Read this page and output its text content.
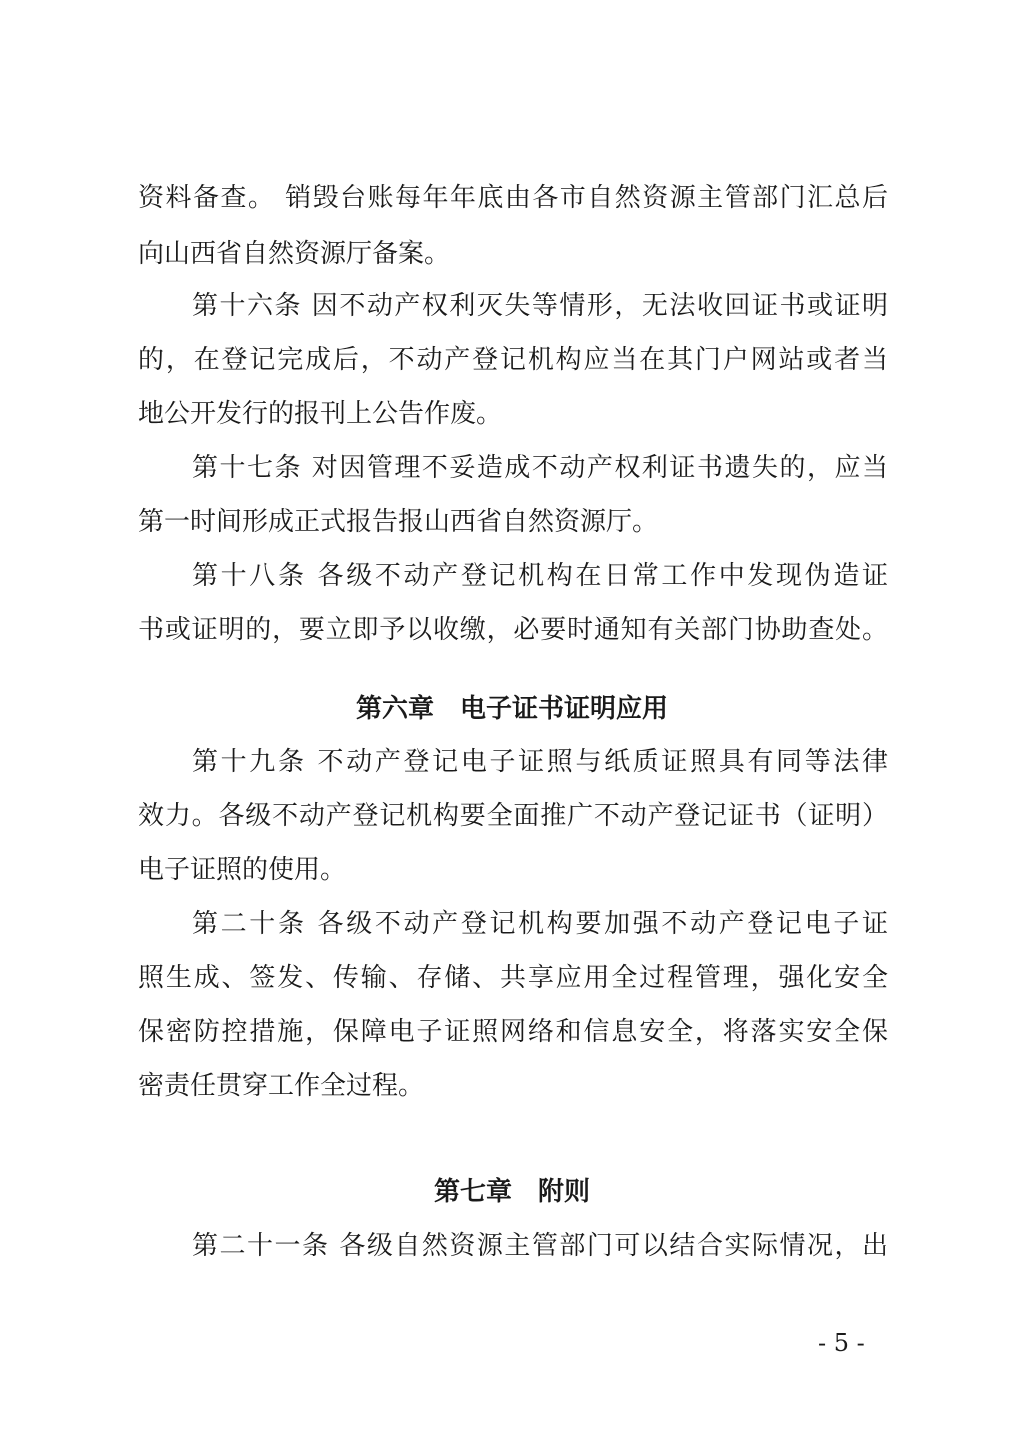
资料备查。 销毁台账每年年底由各市自然资源主管部门汇总后
向山西省自然资源厅备案。
第十六条 因不动产权利灭失等情形，无法收回证书或证明
的，在登记完成后，不动产登记机构应当在其门户网站或者当
地公开发行的报刊上公告作废。
第十七条 对因管理不妥造成不动产权利证书遗失的，应当
第一时间形成正式报告报山西省自然资源厅。
第十八条 各级不动产登记机构在日常工作中发现伪造证
书或证明的，要立即予以收缴，必要时通知有关部门协助查处。
第六章　电子证书证明应用
第十九条 不动产登记电子证照与纸质证照具有同等法律
效力。各级不动产登记机构要全面推广不动产登记证书（证明）
电子证照的使用。
第二十条 各级不动产登记机构要加强不动产登记电子证
照生成、签发、传输、存储、共享应用全过程管理，强化安全
保密防控措施，保障电子证照网络和信息安全，将落实安全保
密责任贯穿工作全过程。
第七章　附则
第二十一条 各级自然资源主管部门可以结合实际情况，出
- 5 -
